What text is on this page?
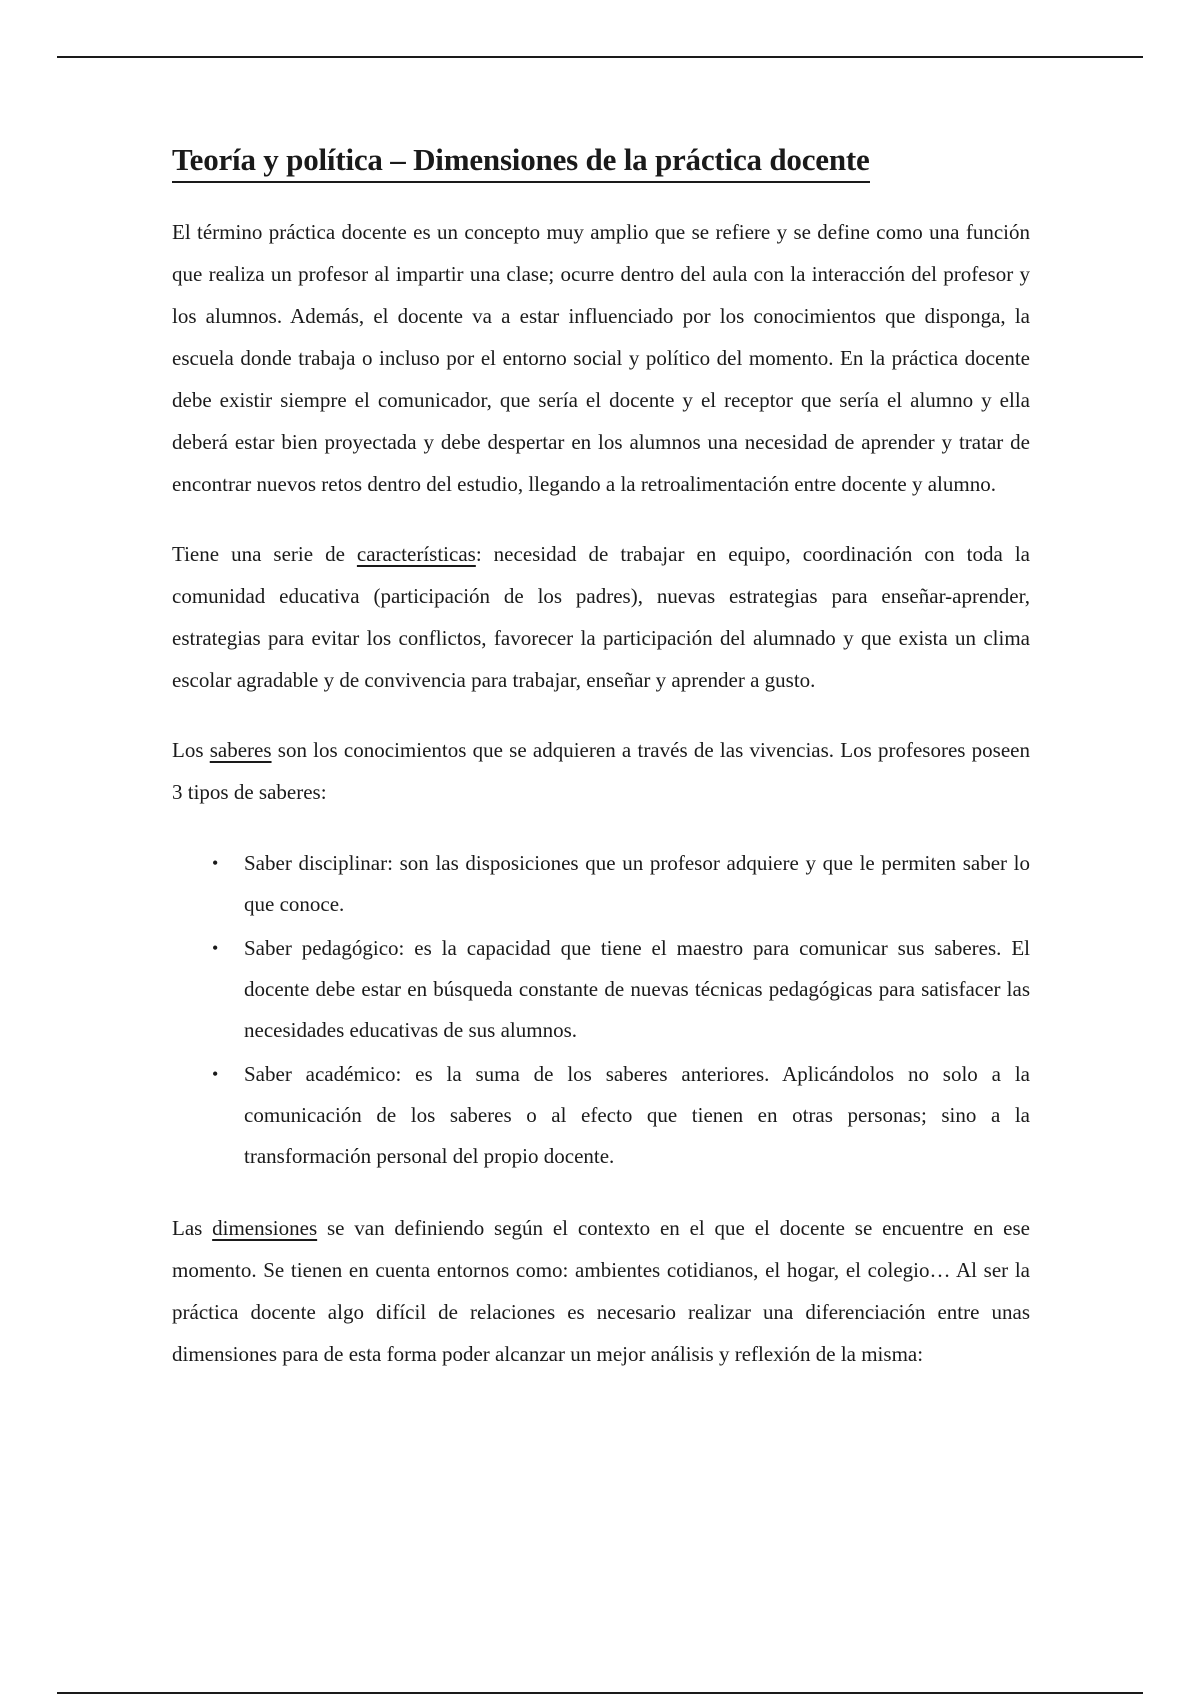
Teoría y política – Dimensiones de la práctica docente

El término práctica docente es un concepto muy amplio que se refiere y se define como una función que realiza un profesor al impartir una clase; ocurre dentro del aula con la interacción del profesor y los alumnos. Además, el docente va a estar influenciado por los conocimientos que disponga, la escuela donde trabaja o incluso por el entorno social y político del momento. En la práctica docente debe existir siempre el comunicador, que sería el docente y el receptor que sería el alumno y ella deberá estar bien proyectada y debe despertar en los alumnos una necesidad de aprender y tratar de encontrar nuevos retos dentro del estudio, llegando a la retroalimentación entre docente y alumno.

Tiene una serie de características: necesidad de trabajar en equipo, coordinación con toda la comunidad educativa (participación de los padres), nuevas estrategias para enseñar-aprender, estrategias para evitar los conflictos, favorecer la participación del alumnado y que exista un clima escolar agradable y de convivencia para trabajar, enseñar y aprender a gusto.

Los saberes son los conocimientos que se adquieren a través de las vivencias. Los profesores poseen 3 tipos de saberes:

• Saber disciplinar: son las disposiciones que un profesor adquiere y que le permiten saber lo que conoce.
• Saber pedagógico: es la capacidad que tiene el maestro para comunicar sus saberes. El docente debe estar en búsqueda constante de nuevas técnicas pedagógicas para satisfacer las necesidades educativas de sus alumnos.
• Saber académico: es la suma de los saberes anteriores. Aplicándolos no solo a la comunicación de los saberes o al efecto que tienen en otras personas; sino a la transformación personal del propio docente.

Las dimensiones se van definiendo según el contexto en el que el docente se encuentre en ese momento. Se tienen en cuenta entornos como: ambientes cotidianos, el hogar, el colegio… Al ser la práctica docente algo difícil de relaciones es necesario realizar una diferenciación entre unas dimensiones para de esta forma poder alcanzar un mejor análisis y reflexión de la misma:
